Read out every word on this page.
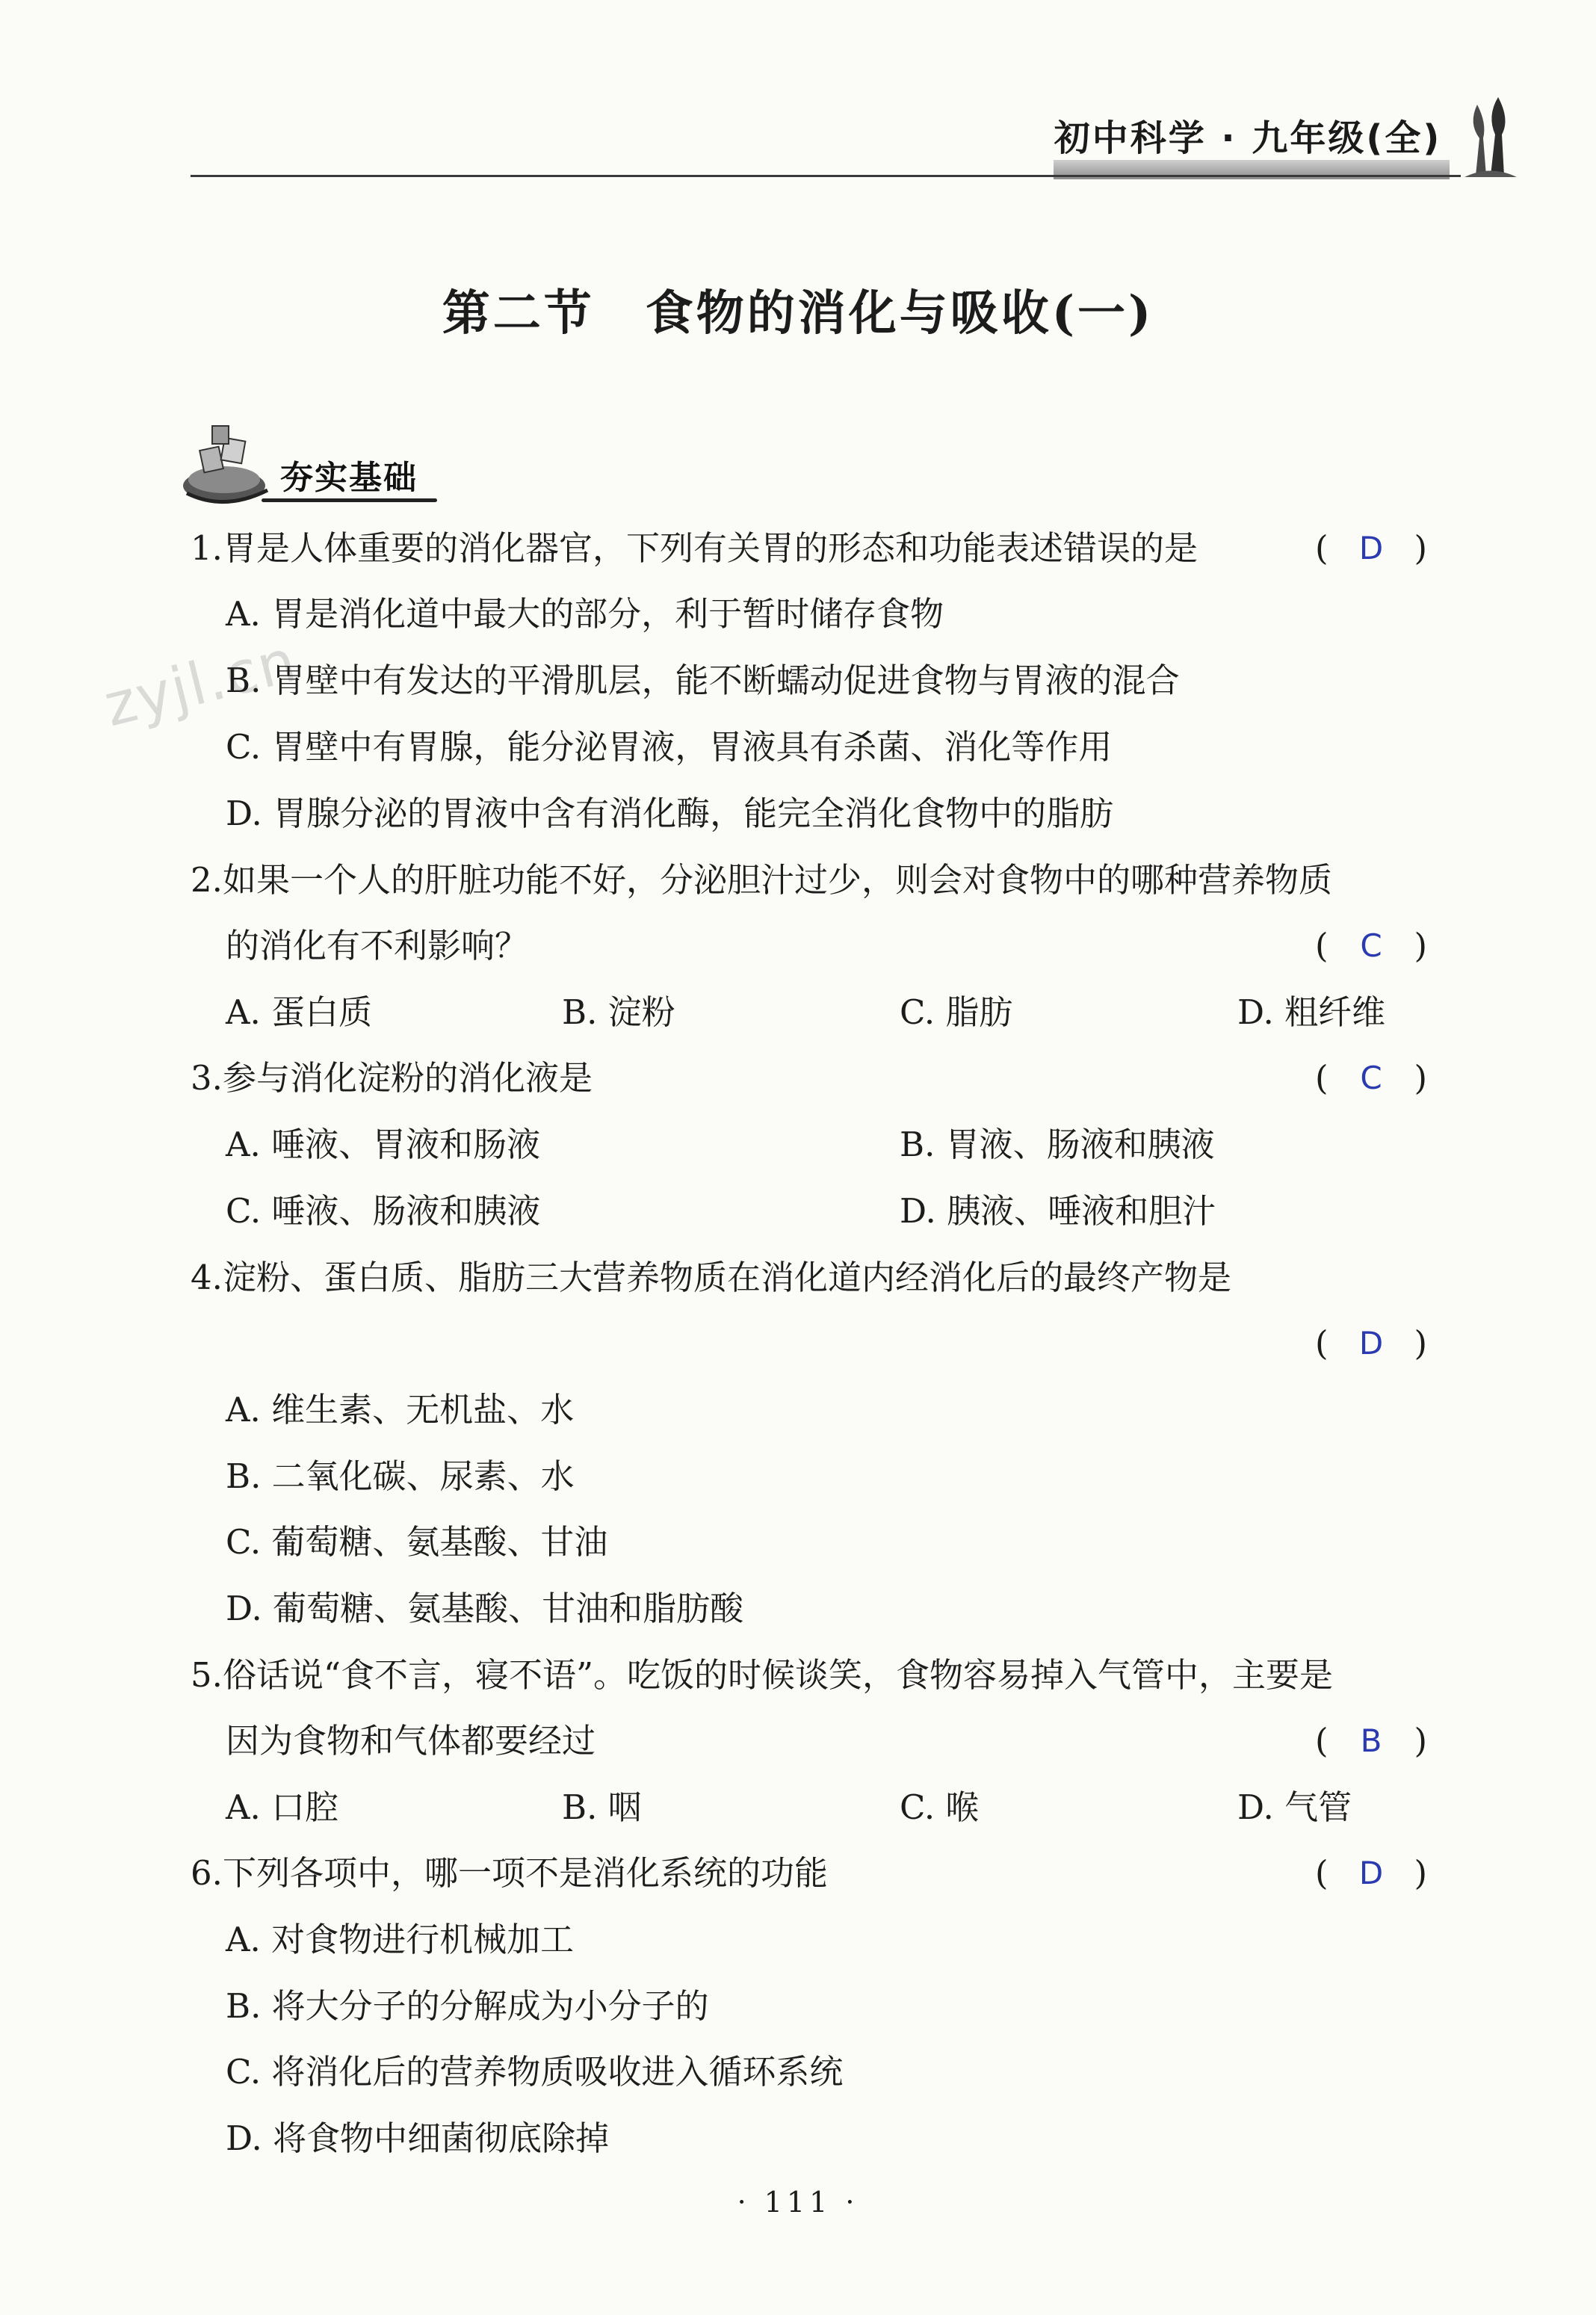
初中科学 · 九年级(全)
zyjl.cn
第二节　食物的消化与吸收(一)
夯实基础
1.胃是人体重要的消化器官，下列有关胃的形态和功能表述错误的是	( D )
A. 胃是消化道中最大的部分，利于暂时储存食物
B. 胃壁中有发达的平滑肌层，能不断蠕动促进食物与胃液的混合
C. 胃壁中有胃腺，能分泌胃液，胃液具有杀菌、消化等作用
D. 胃腺分泌的胃液中含有消化酶，能完全消化食物中的脂肪
2.如果一个人的肝脏功能不好，分泌胆汁过少，则会对食物中的哪种营养物质
的消化有不利影响？	(	C )
A. 蛋白质	B. 淀粉	C. 脂肪	D. 粗纤维
3.参与消化淀粉的消化液是	(	C )
A. 唾液、胃液和肠液	B. 胃液、肠液和胰液
C. 唾液、肠液和胰液	D. 胰液、唾液和胆汁
4.淀粉、蛋白质、脂肪三大营养物质在消化道内经消化后的最终产物是
( D )
A. 维生素、无机盐、水
B. 二氧化碳、尿素、水
C. 葡萄糖、氨基酸、甘油
D. 葡萄糖、氨基酸、甘油和脂肪酸
5.俗话说“食不言，寝不语”。吃饭的时候谈笑，食物容易掉入气管中，主要是
因为食物和气体都要经过	(	B )
A. 口腔	B. 咽	C. 喉	D. 气管
6.下列各项中，哪一项不是消化系统的功能	( D )
A. 对食物进行机械加工
B. 将大分子的分解成为小分子的
C. 将消化后的营养物质吸收进入循环系统
D. 将食物中细菌彻底除掉
· 111 ·
